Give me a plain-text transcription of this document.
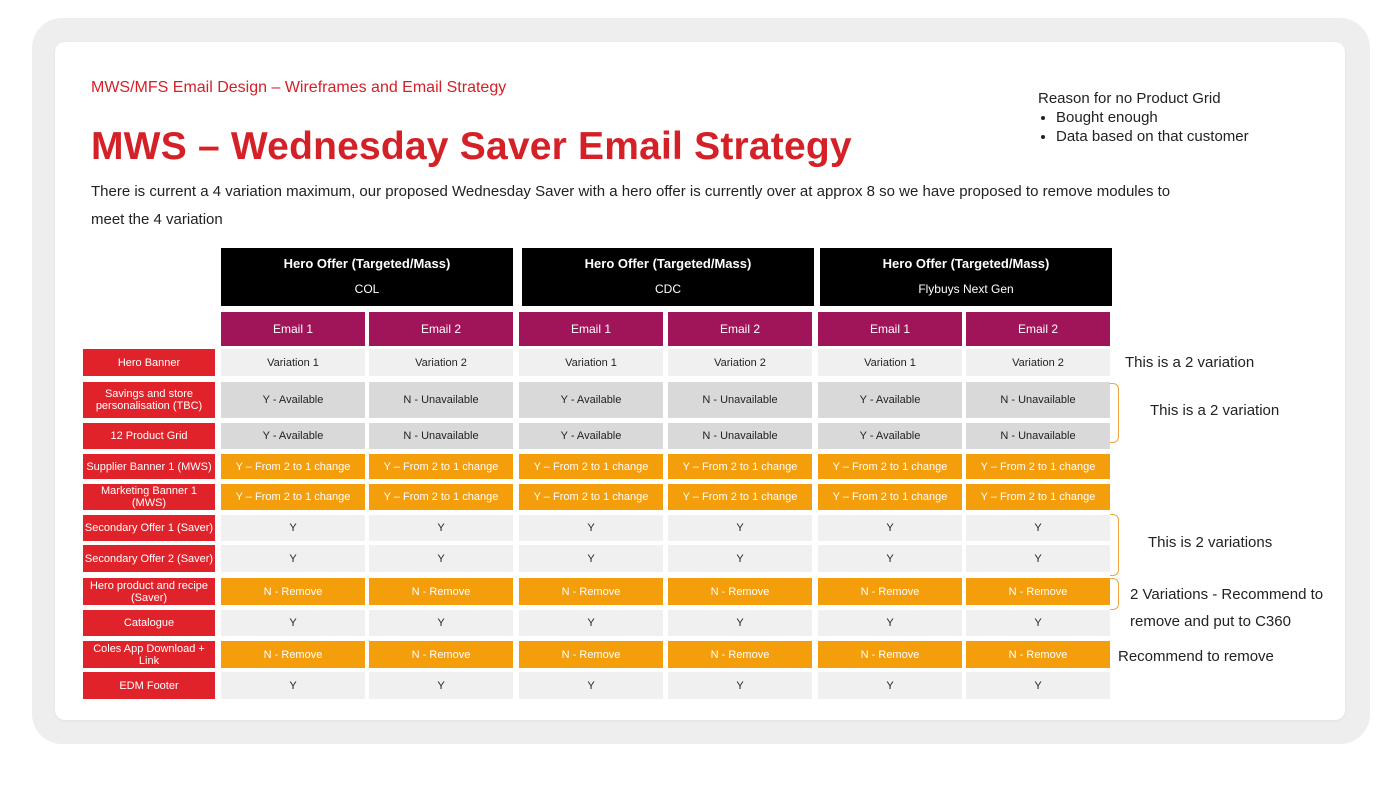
MWS/MFS Email Design – Wireframes and Email Strategy
MWS – Wednesday Saver Email Strategy
There is current a 4 variation maximum, our proposed Wednesday Saver with a hero offer is currently over at approx 8 so we have proposed to remove modules to meet the 4 variation
Reason for no Product Grid
• Bought enough
• Data based on that customer
Hero Offer (Targeted/Mass)
COL
Hero Offer (Targeted/Mass)
CDC
Hero Offer (Targeted/Mass)
Flybuys Next Gen
Email 1	Email 2	Email 1	Email 2	Email 1	Email 2
Hero Banner	Variation 1	Variation 2	Variation 1	Variation 2	Variation 1	Variation 2
Savings and store personalisation (TBC)	Y - Available	N - Unavailable	Y - Available	N - Unavailable	Y - Available	N - Unavailable
12 Product Grid	Y - Available	N - Unavailable	Y - Available	N - Unavailable	Y - Available	N - Unavailable
Supplier Banner 1 (MWS)	Y – From 2 to 1 change	Y – From 2 to 1 change	Y – From 2 to 1 change	Y – From 2 to 1 change	Y – From 2 to 1 change	Y – From 2 to 1 change
Marketing Banner 1 (MWS)	Y – From 2 to 1 change	Y – From 2 to 1 change	Y – From 2 to 1 change	Y – From 2 to 1 change	Y – From 2 to 1 change	Y – From 2 to 1 change
Secondary Offer 1 (Saver)	Y	Y	Y	Y	Y	Y
Secondary Offer 2 (Saver)	Y	Y	Y	Y	Y	Y
Hero product and recipe (Saver)	N - Remove	N - Remove	N - Remove	N - Remove	N - Remove	N - Remove
Catalogue	Y	Y	Y	Y	Y	Y
Coles App Download + Link	N - Remove	N - Remove	N - Remove	N - Remove	N - Remove	N - Remove
EDM Footer	Y	Y	Y	Y	Y	Y
This is a 2 variation
This is a 2 variation
This is 2 variations
2 Variations - Recommend to remove and put to C360
Recommend to remove
